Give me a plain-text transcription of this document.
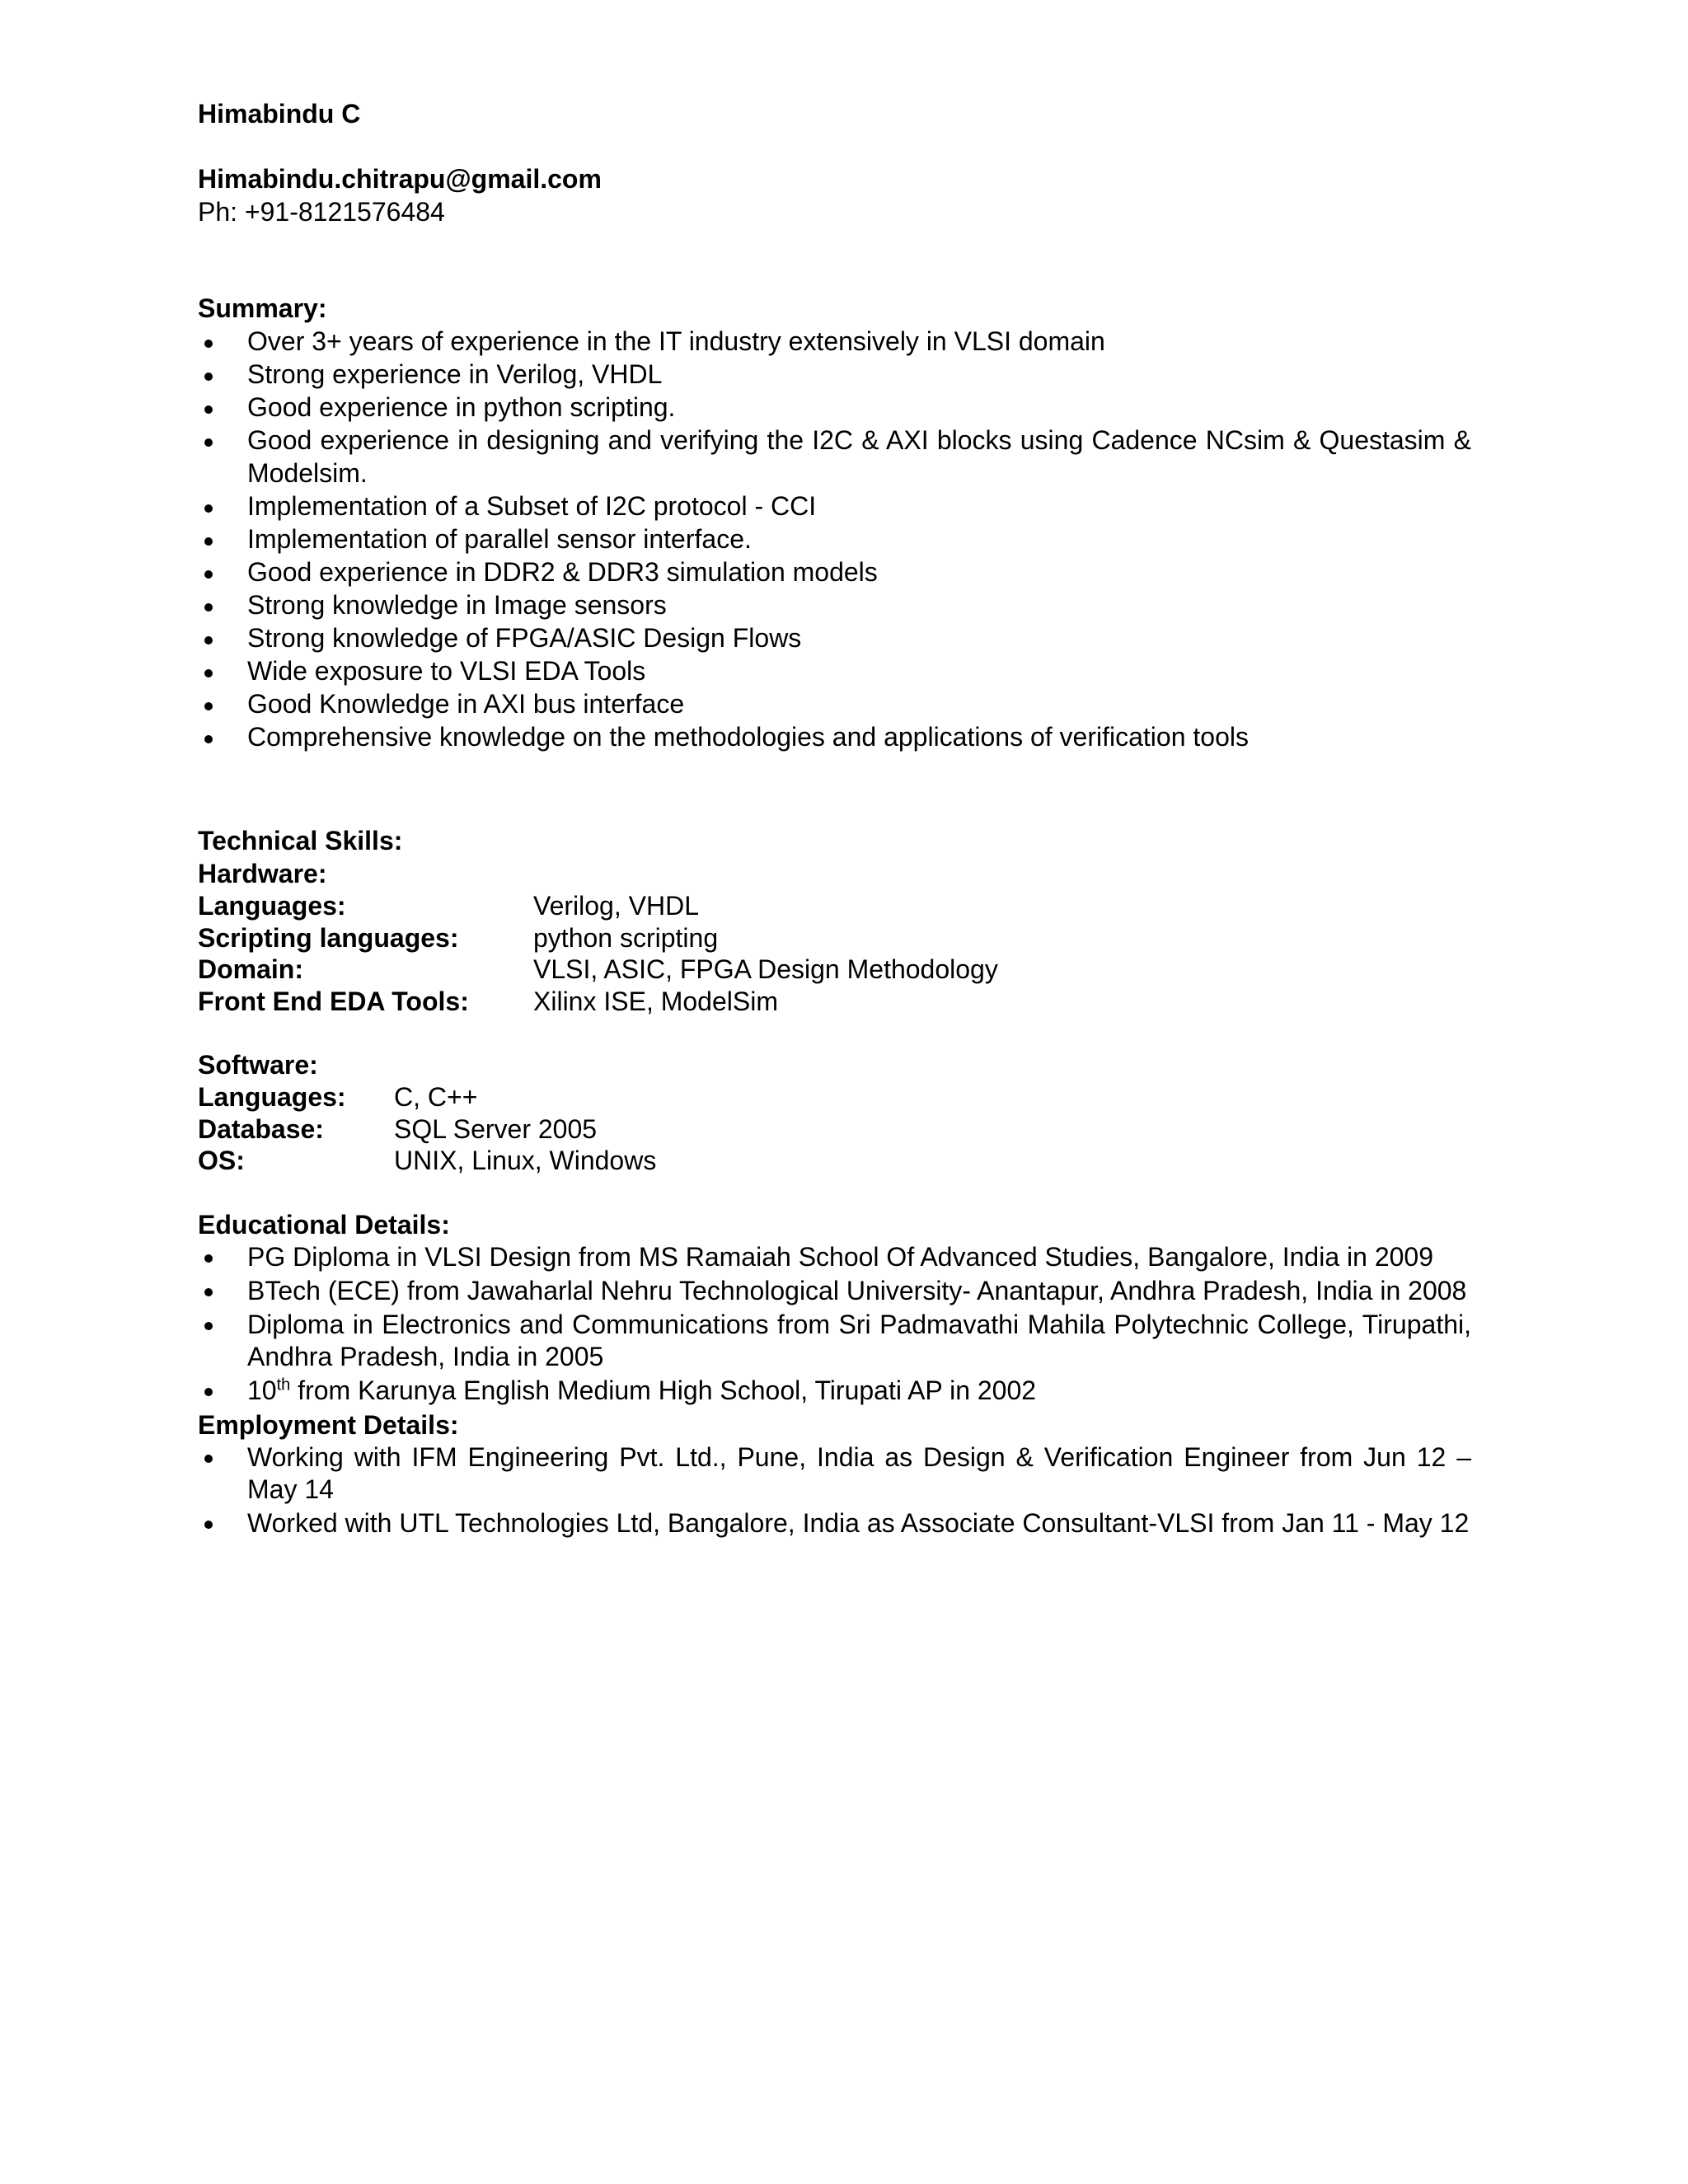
Himabindu C
Himabindu.chitrapu@gmail.com
Ph: +91-8121576484
Summary:
Over 3+ years of experience in the IT industry extensively in VLSI domain
Strong experience in Verilog, VHDL
Good experience in python scripting.
Good experience in designing and verifying the I2C & AXI blocks using Cadence NCsim & Questasim & Modelsim.
Implementation of a Subset of I2C protocol - CCI
Implementation of parallel sensor interface.
Good experience in DDR2 & DDR3 simulation models
Strong knowledge in Image sensors
Strong knowledge of FPGA/ASIC Design Flows
Wide exposure to VLSI EDA Tools
Good Knowledge in AXI bus interface
Comprehensive knowledge on the methodologies and applications of verification tools
Technical Skills:
Hardware:
Languages:	Verilog, VHDL
Scripting languages:	python scripting
Domain:	VLSI, ASIC, FPGA Design Methodology
Front End EDA Tools:	Xilinx ISE, ModelSim
Software:
Languages:	C, C++
Database:	SQL Server 2005
OS:	UNIX, Linux, Windows
Educational Details:
PG Diploma in VLSI Design from MS Ramaiah School Of Advanced Studies, Bangalore, India in 2009
BTech (ECE) from Jawaharlal Nehru Technological University- Anantapur, Andhra Pradesh, India in 2008
Diploma in Electronics and Communications from Sri Padmavathi Mahila Polytechnic College, Tirupathi, Andhra Pradesh, India in 2005
10th from Karunya English Medium High School, Tirupati AP in 2002
Employment Details:
Working with IFM Engineering Pvt. Ltd., Pune, India as Design & Verification Engineer from Jun 12 – May 14
Worked with UTL Technologies Ltd, Bangalore, India as Associate Consultant-VLSI from Jan 11 - May 12
